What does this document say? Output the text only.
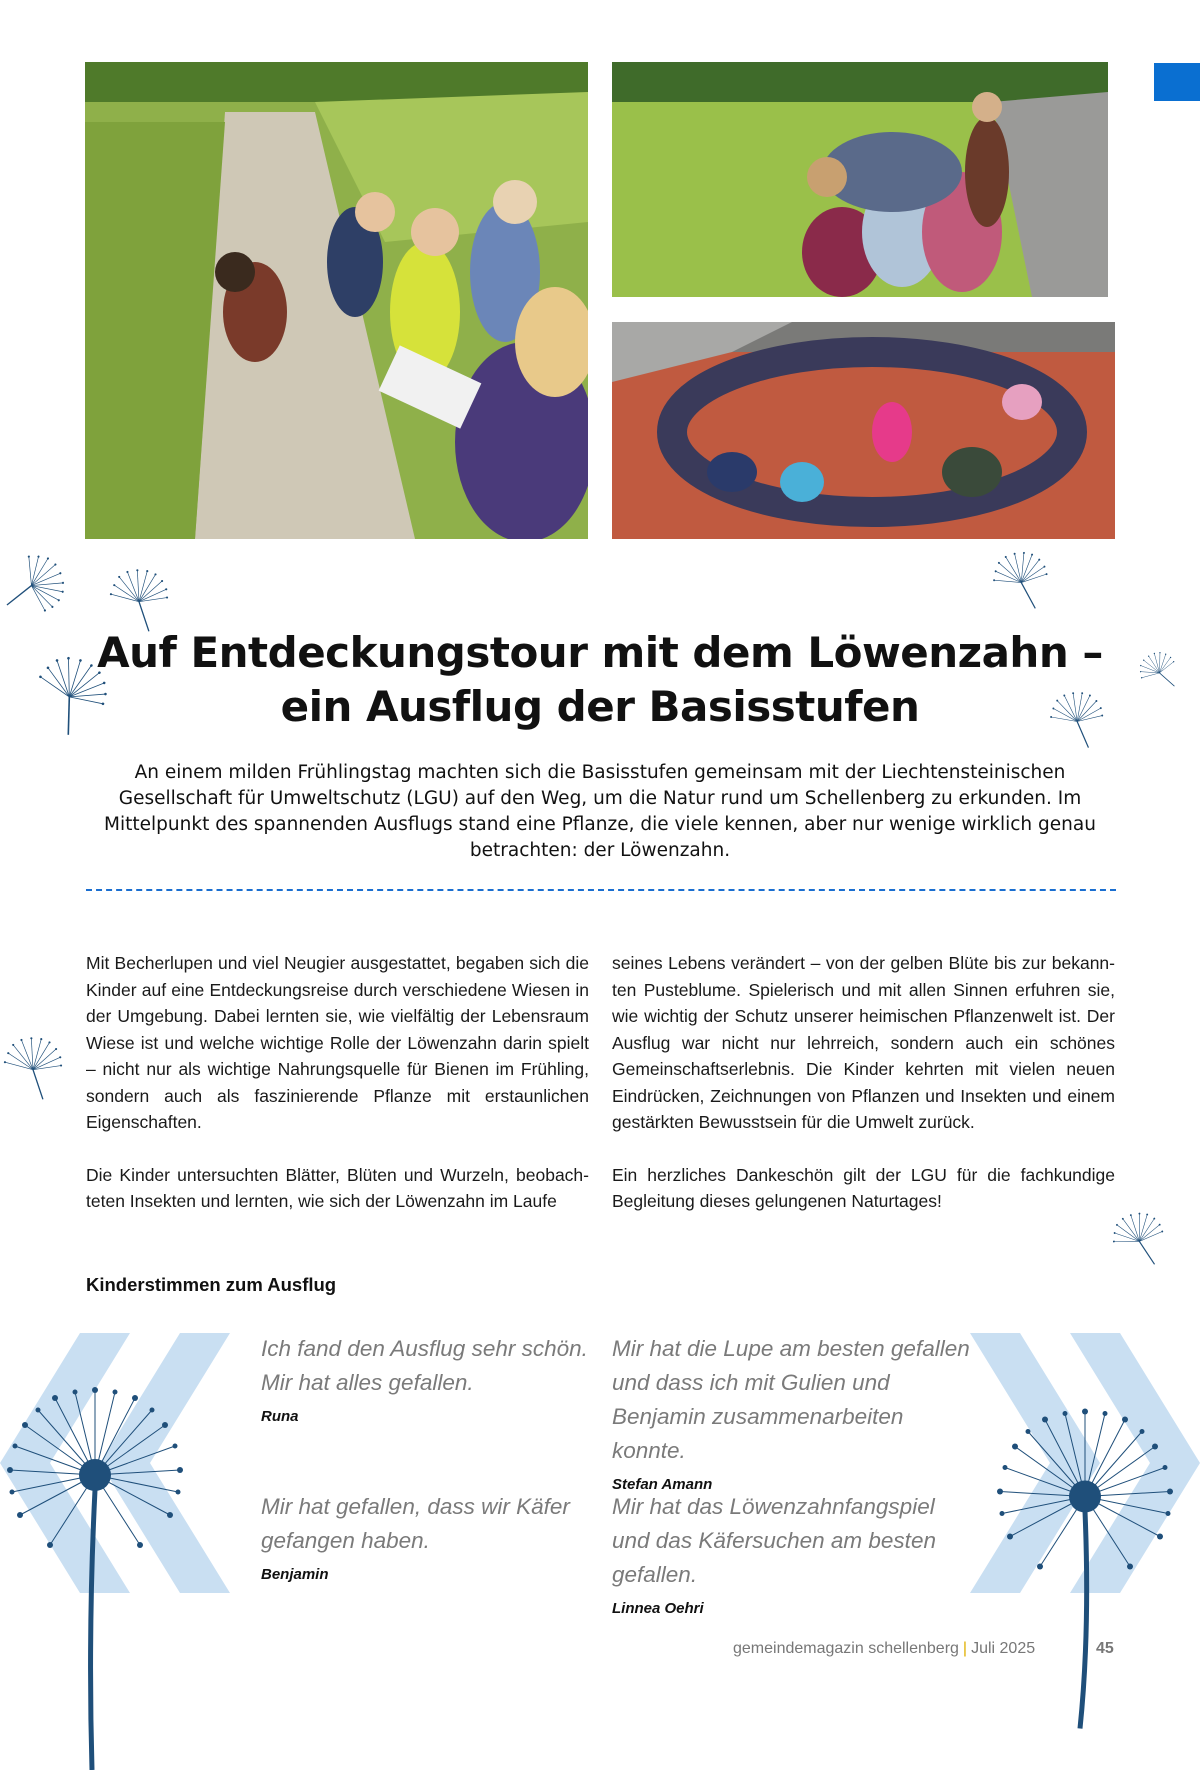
Auf Entdeckungstour mit dem Löwenzahn –
ein Ausflug der Basisstufen

An einem milden Frühlingstag machten sich die Basisstufen gemeinsam mit der Liechtensteinischen Gesellschaft für Umweltschutz (LGU) auf den Weg, um die Natur rund um Schellenberg zu erkunden. Im Mittelpunkt des spannenden Ausflugs stand eine Pflanze, die viele kennen, aber nur wenige wirklich genau betrachten: der Löwenzahn.

Mit Becherlupen und viel Neugier ausgestattet, begaben sich die Kinder auf eine Entdeckungsreise durch verschiedene Wiesen in der Umgebung. Dabei lernten sie, wie vielfältig der Lebensraum Wiese ist und welche wichtige Rolle der Löwenzahn darin spielt – nicht nur als wichtige Nahrungsquelle für Bienen im Frühling, sondern auch als faszinierende Pflanze mit erstaunlichen Eigenschaften.

Die Kinder untersuchten Blätter, Blüten und Wurzeln, beobachteten Insekten und lernten, wie sich der Löwenzahn im Laufe

seines Lebens verändert – von der gelben Blüte bis zur bekannten Pusteblume. Spielerisch und mit allen Sinnen erfuhren sie, wie wichtig der Schutz unserer heimischen Pflanzenwelt ist. Der Ausflug war nicht nur lehrreich, sondern auch ein schönes Gemeinschaftserlebnis. Die Kinder kehrten mit vielen neuen Eindrücken, Zeichnungen von Pflanzen und Insekten und einem gestärkten Bewusstsein für die Umwelt zurück.

Ein herzliches Dankeschön gilt der LGU für die fachkundige Begleitung dieses gelungenen Naturtages!

Kinderstimmen zum Ausflug

Ich fand den Ausflug sehr schön. Mir hat alles gefallen.

Runa

Mir hat die Lupe am besten gefallen und dass ich mit Gulien und Benjamin zusammenarbeiten konnte.

Stefan Amann

Mir hat gefallen, dass wir Käfer gefangen haben.

Benjamin

Mir hat das Löwenzahnfangspiel und das Käfersuchen am besten gefallen.

Linnea Oehri
gemeindemagazin schellenberg | Juli 2025	45
